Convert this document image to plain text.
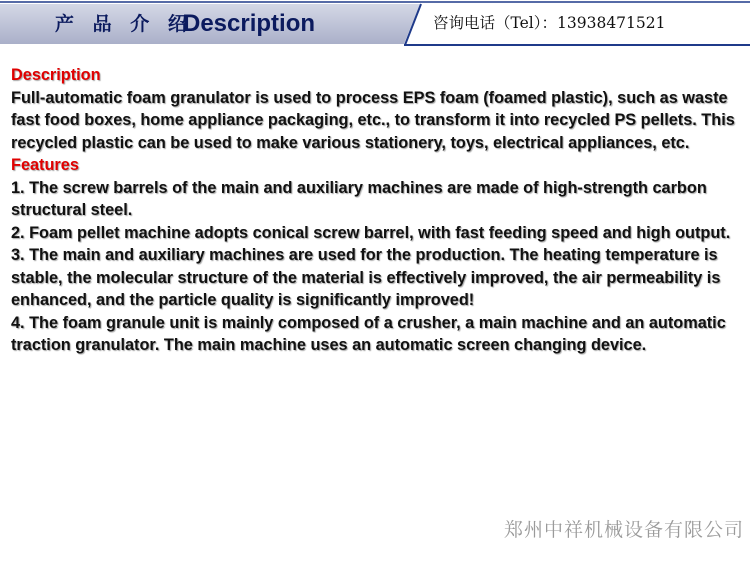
产 品 介 绍
Description	咨询电话（Tel）：13938471521

Description

Full-automatic foam granulator is used to process EPS foam (foamed plastic), such as waste fast food boxes, home appliance packaging, etc., to transform it into recycled PS pellets. This recycled plastic can be used to make various stationery, toys, electrical appliances, etc.

Features

1. The screw barrels of the main and auxiliary machines are made of high-strength carbon structural steel.

2. Foam pellet machine adopts conical screw barrel, with fast feeding speed and high output.

3. The main and auxiliary machines are used for the production. The heating temperature is stable, the molecular structure of the material is effectively improved, the air permeability is enhanced, and the particle quality is significantly improved!

4. The foam granule unit is mainly composed of a crusher, a main machine and an automatic traction granulator. The main machine uses an automatic screen changing device.

郑州中祥机械设备有限公司
